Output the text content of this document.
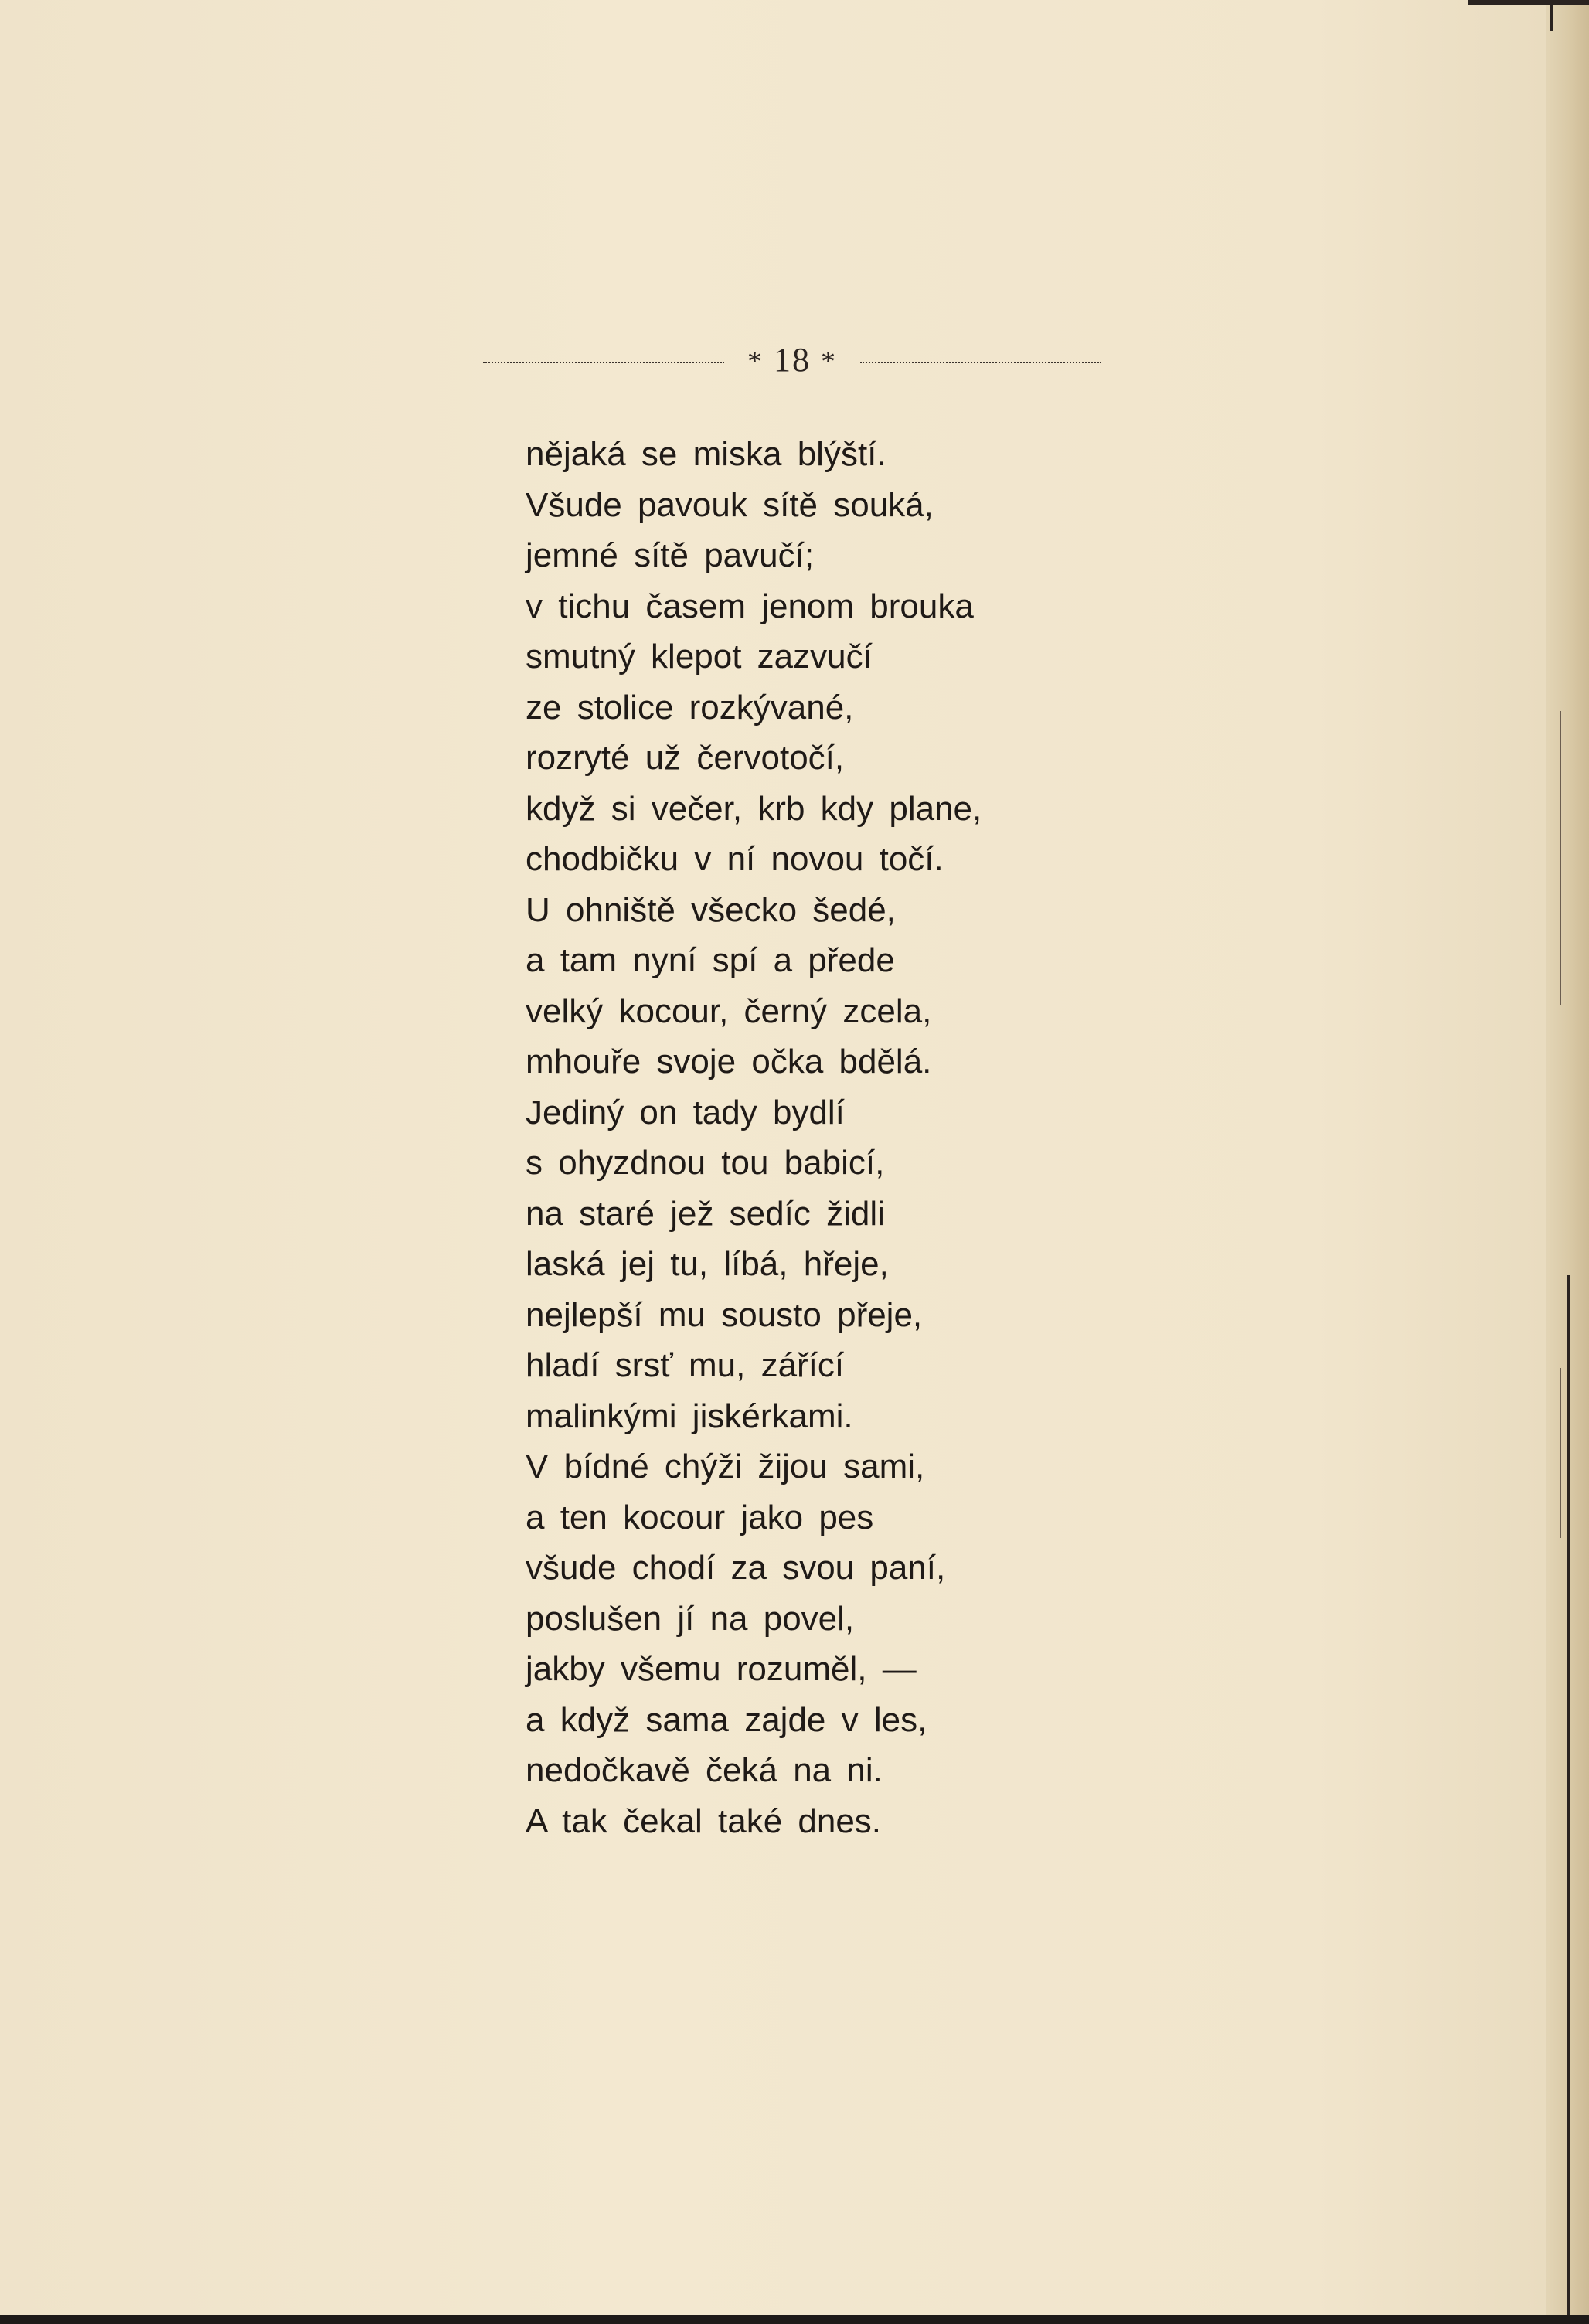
* 18 *
nějaká se miska blýští.
Všude pavouk sítě souká,
jemné sítě pavučí;
v tichu časem jenom brouka
smutný klepot zazvučí
ze stolice rozkývané,
rozryté už červotočí,
když si večer, krb kdy plane,
chodbičku v ní novou točí.
U ohniště všecko šedé,
a tam nyní spí a přede
velký kocour, černý zcela,
mhouře svoje očka bdělá.
Jediný on tady bydlí
s ohyzdnou tou babicí,
na staré jež sedíc židli
laská jej tu, líbá, hřeje,
nejlepší mu sousto přeje,
hladí srsť mu, zářící
malinkými jiskérkami.
V bídné chýži žijou sami,
a ten kocour jako pes
všude chodí za svou paní,
poslušen jí na povel,
jakby všemu rozuměl, —
a když sama zajde v les,
nedočkavě čeká na ni.
A tak čekal také dnes.
